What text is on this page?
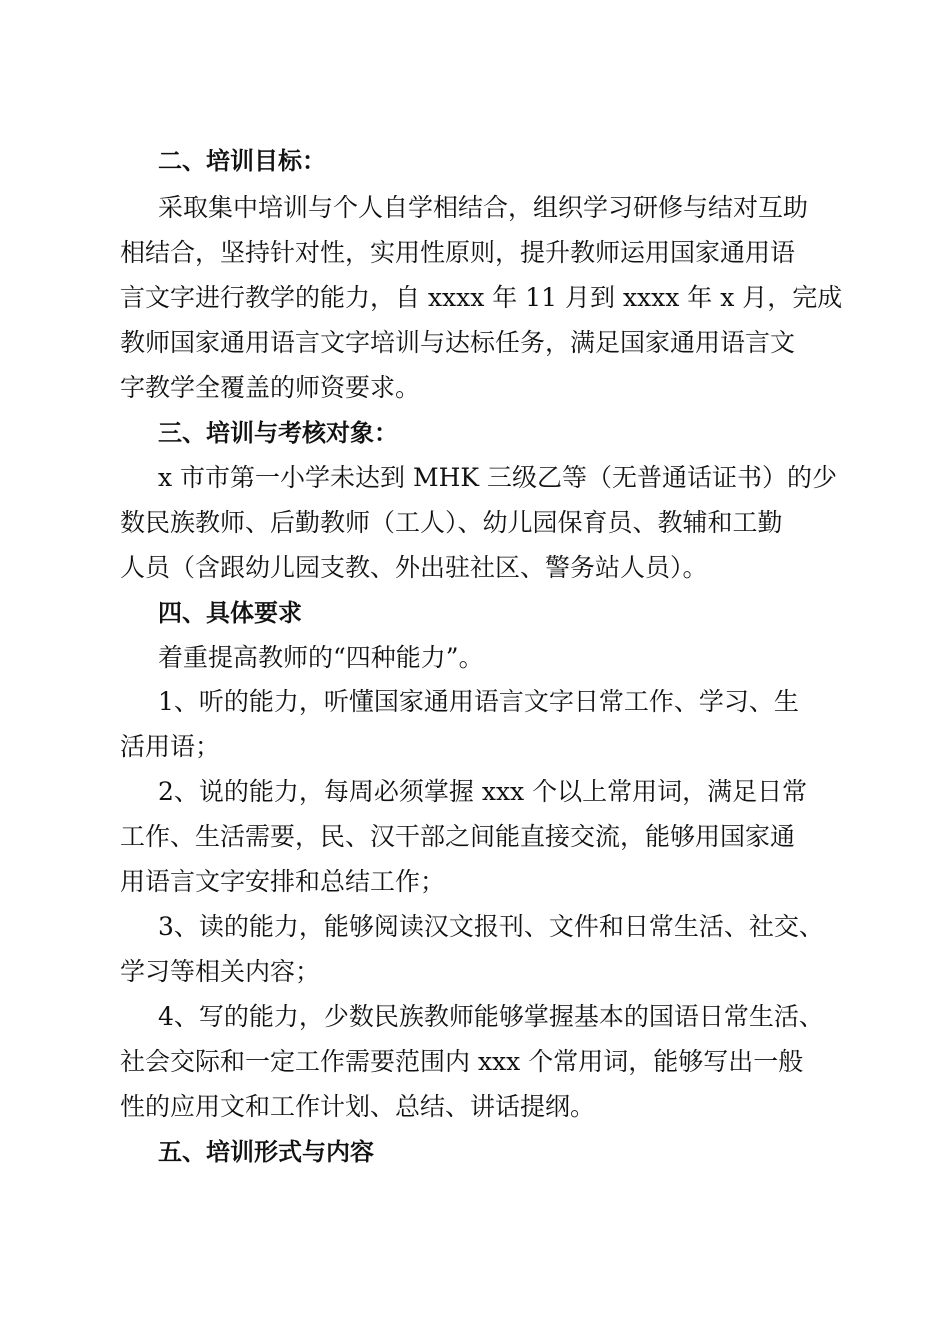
二、培训目标：
采取集中培训与个人自学相结合，组织学习研修与结对互助
相结合，坚持针对性，实用性原则，提升教师运用国家通用语
言文字进行教学的能力，自 xxxx 年 11 月到 xxxx 年 x 月，完成
教师国家通用语言文字培训与达标任务，满足国家通用语言文
字教学全覆盖的师资要求。
三、培训与考核对象：
x 市市第一小学未达到 MHK 三级乙等（无普通话证书）的少
数民族教师、后勤教师（工人）、幼儿园保育员、教辅和工勤
人员（含跟幼儿园支教、外出驻社区、警务站人员）。
四、具体要求
着重提高教师的“四种能力”。
1、听的能力，听懂国家通用语言文字日常工作、学习、生
活用语；
2、说的能力，每周必须掌握 xxx 个以上常用词，满足日常
工作、生活需要，民、汉干部之间能直接交流，能够用国家通
用语言文字安排和总结工作；
3、读的能力，能够阅读汉文报刊、文件和日常生活、社交、
学习等相关内容；
4、写的能力，少数民族教师能够掌握基本的国语日常生活、
社会交际和一定工作需要范围内 xxx 个常用词，能够写出一般
性的应用文和工作计划、总结、讲话提纲。
五、培训形式与内容
